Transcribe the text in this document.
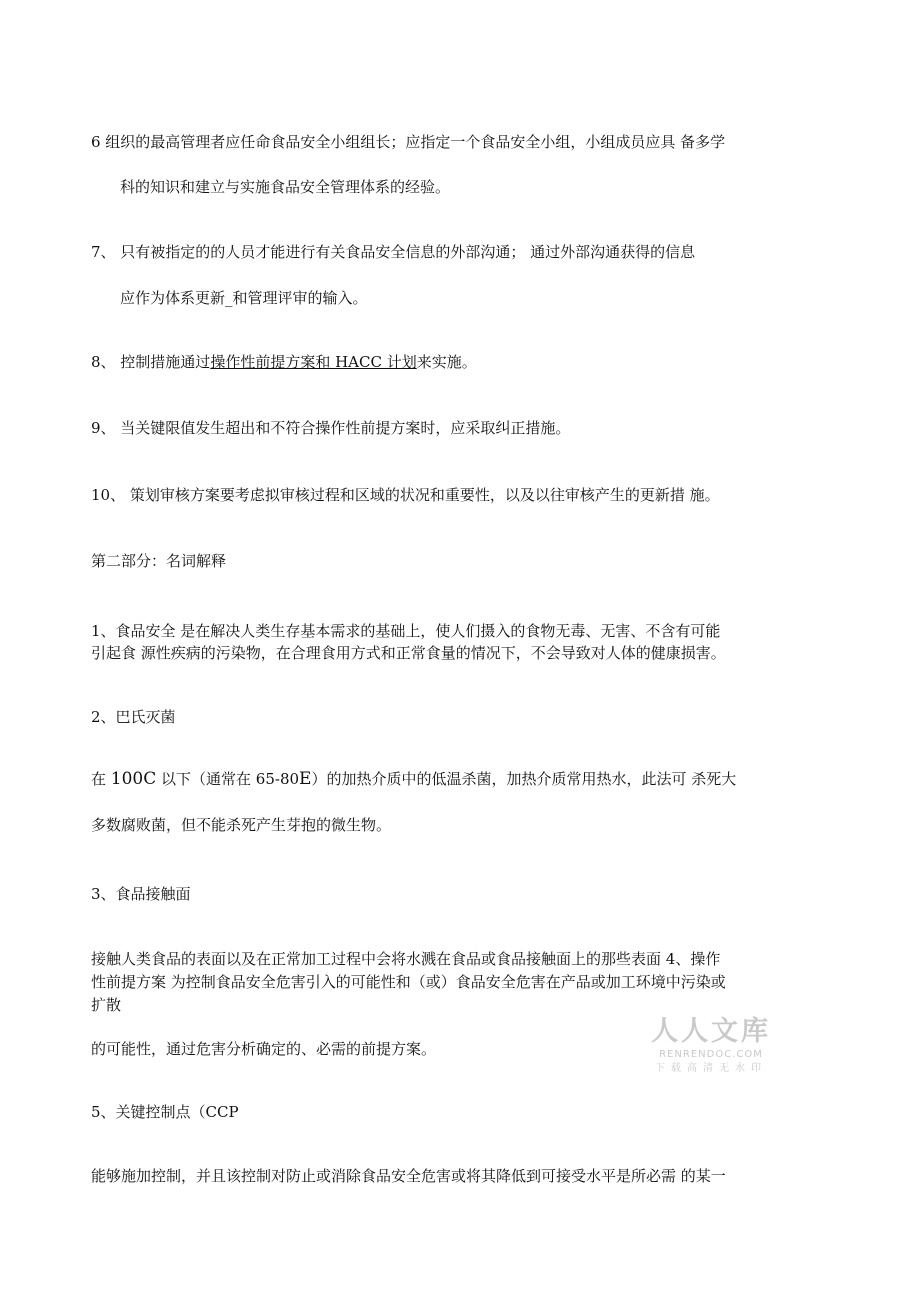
6 组织的最高管理者应任命食品安全小组组长；应指定一个食品安全小组，小组成员应具 备多学
科的知识和建立与实施食品安全管理体系的经验。
7、 只有被指定的的人员才能进行有关食品安全信息的外部沟通； 通过外部沟通获得的信息
应作为体系更新_和管理评审的输入。
8、 控制措施通过操作性前提方案和 HACC 计划来实施。
9、 当关键限值发生超出和不符合操作性前提方案时，应采取纠正措施。
10、 策划审核方案要考虑拟审核过程和区域的状况和重要性，以及以往审核产生的更新措 施。
第二部分：名词解释
1、食品安全 是在解决人类生存基本需求的基础上，使人们摄入的食物无毒、无害、不含有可能
引起食 源性疾病的污染物，在合理食用方式和正常食量的情况下，不会导致对人体的健康损害。
2、巴氏灭菌
在 100C 以下（通常在 65-80E）的加热介质中的低温杀菌，加热介质常用热水，此法可 杀死大
多数腐败菌，但不能杀死产生芽抱的微生物。
3、食品接触面
接触人类食品的表面以及在正常加工过程中会将水溅在食品或食品接触面上的那些表面 4、操作
性前提方案 为控制食品安全危害引入的可能性和（或）食品安全危害在产品或加工环境中污染或
扩散
的可能性，通过危害分析确定的、必需的前提方案。
5、关键控制点（CCP
能够施加控制，并且该控制对防止或消除食品安全危害或将其降低到可接受水平是所必需 的某一
人人文库
RENRENDOC.COM
下载高清无水印
